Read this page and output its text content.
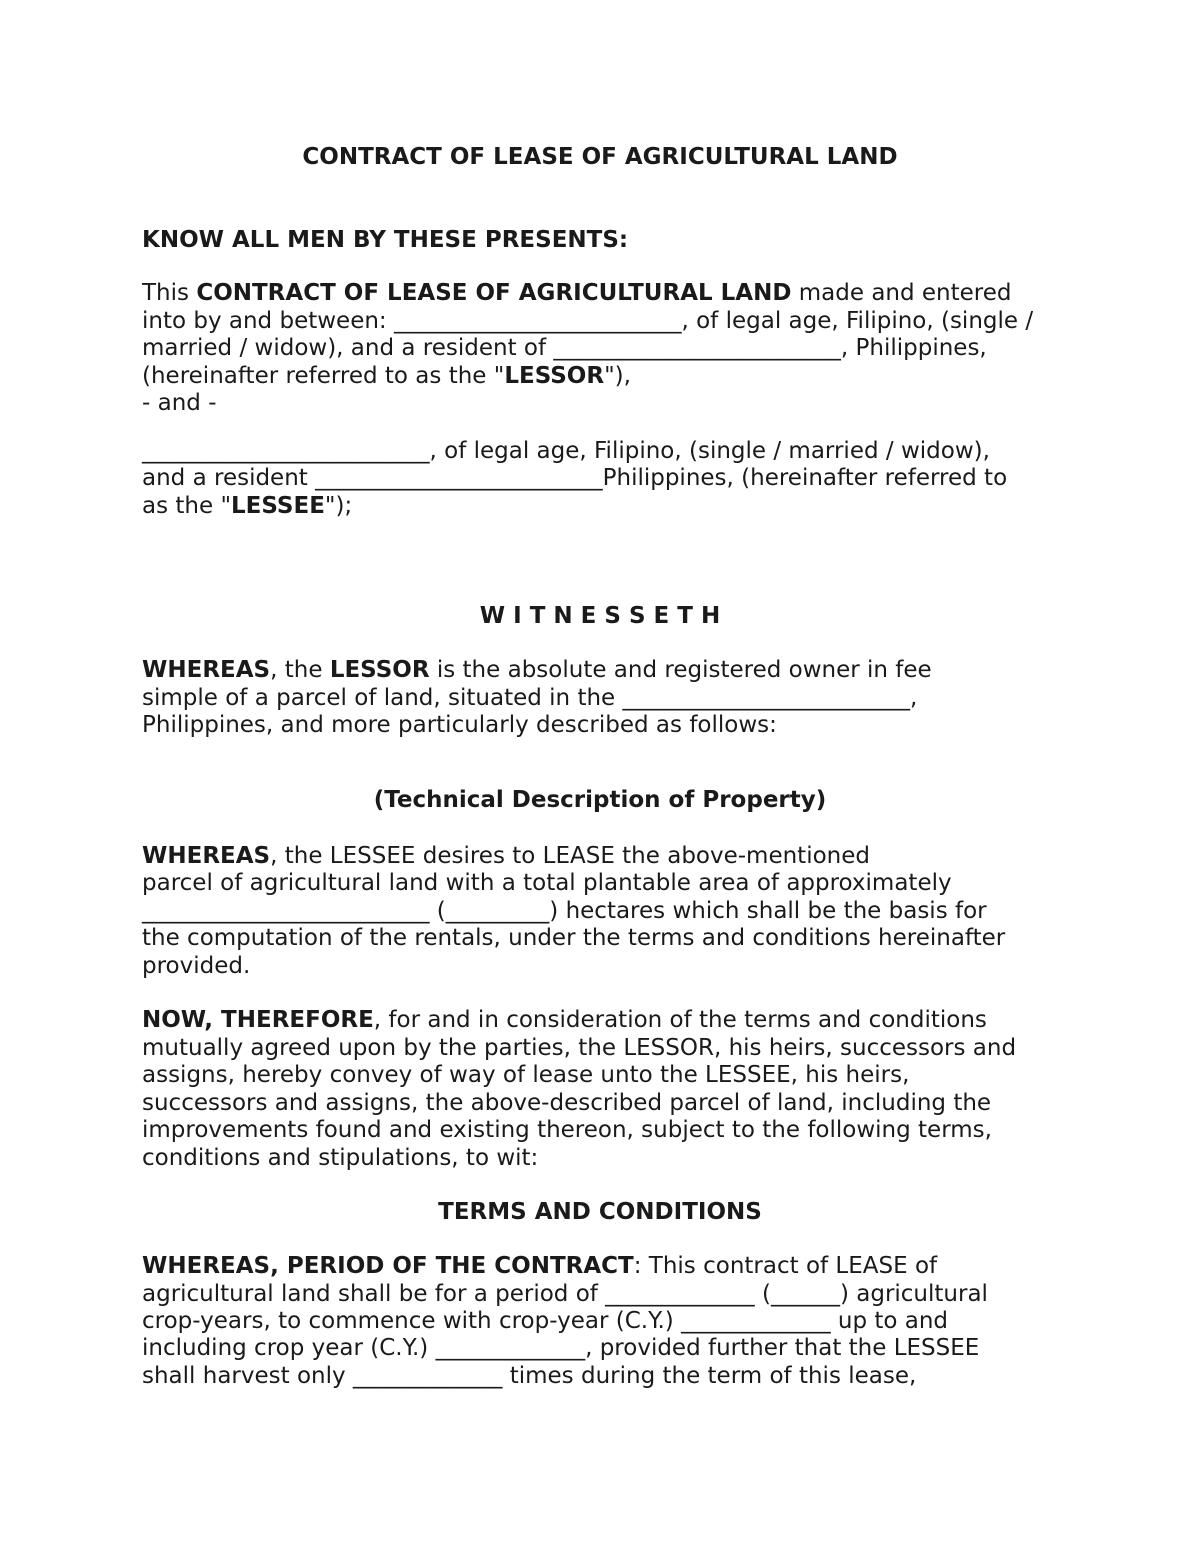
CONTRACT OF LEASE OF AGRICULTURAL LAND
KNOW ALL MEN BY THESE PRESENTS:
This CONTRACT OF LEASE OF AGRICULTURAL LAND made and entered
into by and between: _________________________, of legal age, Filipino, (single /
married / widow), and a resident of _________________________, Philippines,
(hereinafter referred to as the "LESSOR"),
- and -
_________________________, of legal age, Filipino, (single / married / widow),
and a resident _________________________Philippines, (hereinafter referred to
as the "LESSEE");
W I T N E S S E T H
WHEREAS, the LESSOR is the absolute and registered owner in fee
simple of a parcel of land, situated in the _________________________,
Philippines, and more particularly described as follows:
(Technical Description of Property)
WHEREAS, the LESSEE desires to LEASE the above-mentioned
parcel of agricultural land with a total plantable area of approximately
_________________________ (_________) hectares which shall be the basis for
the computation of the rentals, under the terms and conditions hereinafter
provided.
NOW, THEREFORE, for and in consideration of the terms and conditions
mutually agreed upon by the parties, the LESSOR, his heirs, successors and
assigns, hereby convey of way of lease unto the LESSEE, his heirs,
successors and assigns, the above-described parcel of land, including the
improvements found and existing thereon, subject to the following terms,
conditions and stipulations, to wit:
TERMS AND CONDITIONS
WHEREAS, PERIOD OF THE CONTRACT: This contract of LEASE of
agricultural land shall be for a period of _____________ (______) agricultural
crop-years, to commence with crop-year (C.Y.) _____________ up to and
including crop year (C.Y.) _____________, provided further that the LESSEE
shall harvest only _____________ times during the term of this lease,
